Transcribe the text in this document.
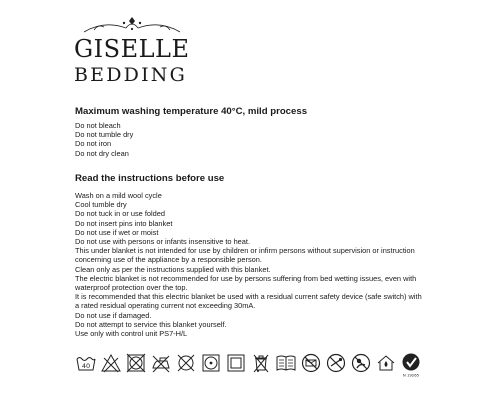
GISELLE
BEDDING

Maximum washing temperature 40°C, mild process

Do not bleach
Do not tumble dry
Do not iron
Do not dry clean

Read the instructions before use

Wash on a mild wool cycle
Cool tumble dry
Do not tuck in or use folded
Do not insert pins into blanket
Do not use if wet or moist
Do not use with persons or infants insensitive to heat.
This under blanket is not intended for use by children or infirm persons without supervision or instruction
concerning use of the appliance by a responsible person.
Clean only as per the instructions supplied with this blanket.
The electric blanket is not recommended for use by persons suffering from bed wetting issues, even with
waterproof protection over the top.
It is recommended that this electric blanket be used with a residual current safety device (safe switch) with
a rated residual operating current not exceeding 30mA.
Do not use if damaged.
Do not attempt to service this blanket yourself.
Use only with control unit PS7-H/L
40
N 19265
